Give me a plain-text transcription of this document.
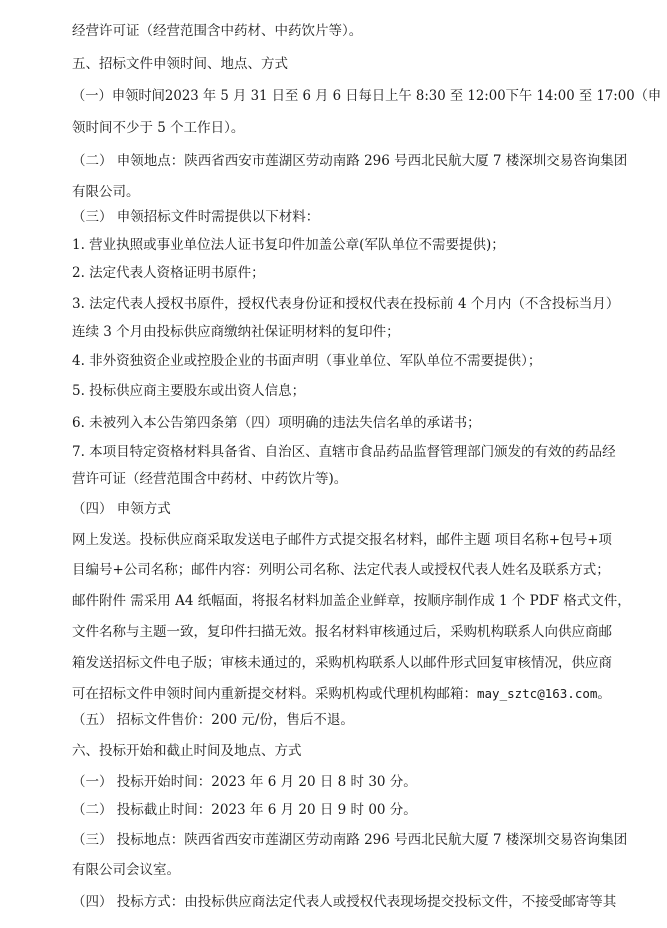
经营许可证（经营范围含中药材、中药饮片等）。
五、招标文件申领时间、地点、方式
（一）申领时间2023 年 5 月 31 日至 6 月 6 日每日上午 8:30 至 12:00下午 14:00 至 17:00（申
领时间不少于 5 个工作日）。
（二） 申领地点：陕西省西安市莲湖区劳动南路 296 号西北民航大厦 7 楼深圳交易咨询集团
有限公司。
（三） 申领招标文件时需提供以下材料：
1. 营业执照或事业单位法人证书复印件加盖公章(军队单位不需要提供)；
2. 法定代表人资格证明书原件；
3. 法定代表人授权书原件，授权代表身份证和授权代表在投标前 4 个月内（不含投标当月）
连续 3 个月由投标供应商缴纳社保证明材料的复印件；
4. 非外资独资企业或控股企业的书面声明（事业单位、军队单位不需要提供）；
5. 投标供应商主要股东或出资人信息；
6. 未被列入本公告第四条第（四）项明确的违法失信名单的承诺书；
7. 本项目特定资格材料具备省、自治区、直辖市食品药品监督管理部门颁发的有效的药品经
营许可证（经营范围含中药材、中药饮片等)。
（四） 申领方式
网上发送。投标供应商采取发送电子邮件方式提交报名材料，邮件主题 项目名称+包号+项
目编号+公司名称；邮件内容：列明公司名称、法定代表人或授权代表人姓名及联系方式；
邮件附件 需采用 A4 纸幅面，将报名材料加盖企业鲜章，按顺序制作成 1 个 PDF 格式文件，
文件名称与主题一致，复印件扫描无效。报名材料审核通过后，采购机构联系人向供应商邮
箱发送招标文件电子版；审核未通过的，采购机构联系人以邮件形式回复审核情况，供应商
可在招标文件申领时间内重新提交材料。采购机构或代理机构邮箱：may_sztc@163.com。
（五） 招标文件售价：200 元/份，售后不退。
六、投标开始和截止时间及地点、方式
（一） 投标开始时间：2023 年 6 月 20 日 8 时 30 分。
（二） 投标截止时间：2023 年 6 月 20 日 9 时 00 分。
（三） 投标地点：陕西省西安市莲湖区劳动南路 296 号西北民航大厦 7 楼深圳交易咨询集团
有限公司会议室。
（四） 投标方式：由投标供应商法定代表人或授权代表现场提交投标文件，不接受邮寄等其
